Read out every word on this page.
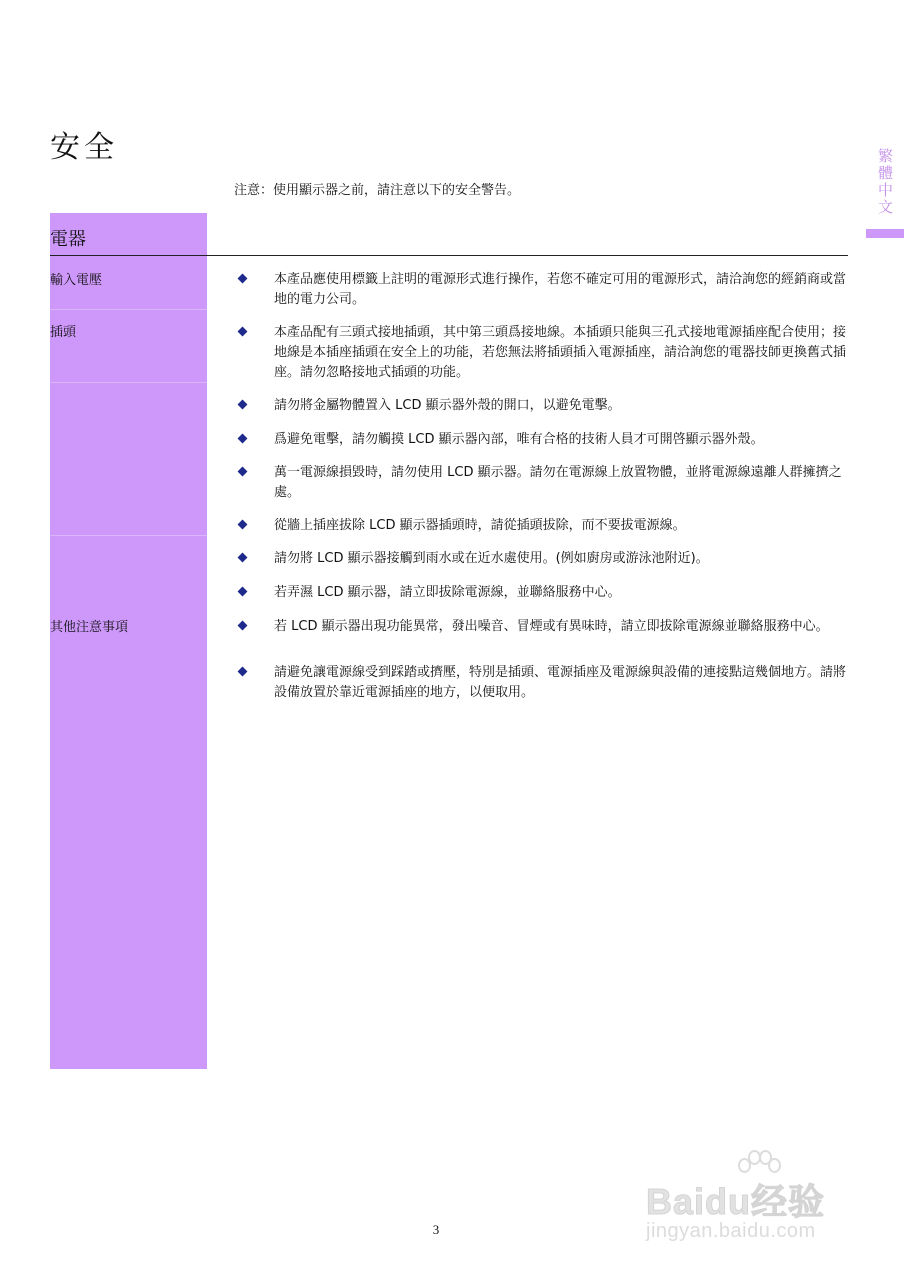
安全
注意：使用顯示器之前，請注意以下的安全警告。	繁體中文
電器
輸入電壓
插頭
其他注意事項
本產品應使用標籤上註明的電源形式進行操作，若您不確定可用的電源形式，請洽詢您的經銷商或當地的電力公司。
本產品配有三頭式接地插頭，其中第三頭爲接地線。本插頭只能與三孔式接地電源插座配合使用；接地線是本插座插頭在安全上的功能，若您無法將插頭插入電源插座，請洽詢您的電器技師更換舊式插座。請勿忽略接地式插頭的功能。
請勿將金屬物體置入 LCD 顯示器外殼的開口，以避免電擊。
爲避免電擊，請勿觸摸 LCD 顯示器內部，唯有合格的技術人員才可開啓顯示器外殼。
萬一電源線損毀時，請勿使用 LCD 顯示器。請勿在電源線上放置物體，並將電源線遠離人群擁擠之處。
從牆上插座拔除 LCD 顯示器插頭時，請從插頭拔除，而不要拔電源線。
請勿將 LCD 顯示器接觸到雨水或在近水處使用。(例如廚房或游泳池附近)。
若弄濕 LCD 顯示器，請立即拔除電源線，並聯絡服務中心。
若 LCD 顯示器出現功能異常，發出噪音、冒煙或有異味時，請立即拔除電源線並聯絡服務中心。
請避免讓電源線受到踩踏或擠壓，特別是插頭、電源插座及電源線與設備的連接點這幾個地方。請將設備放置於靠近電源插座的地方，以便取用。
3
Baidu经验
jingyan.baidu.com
